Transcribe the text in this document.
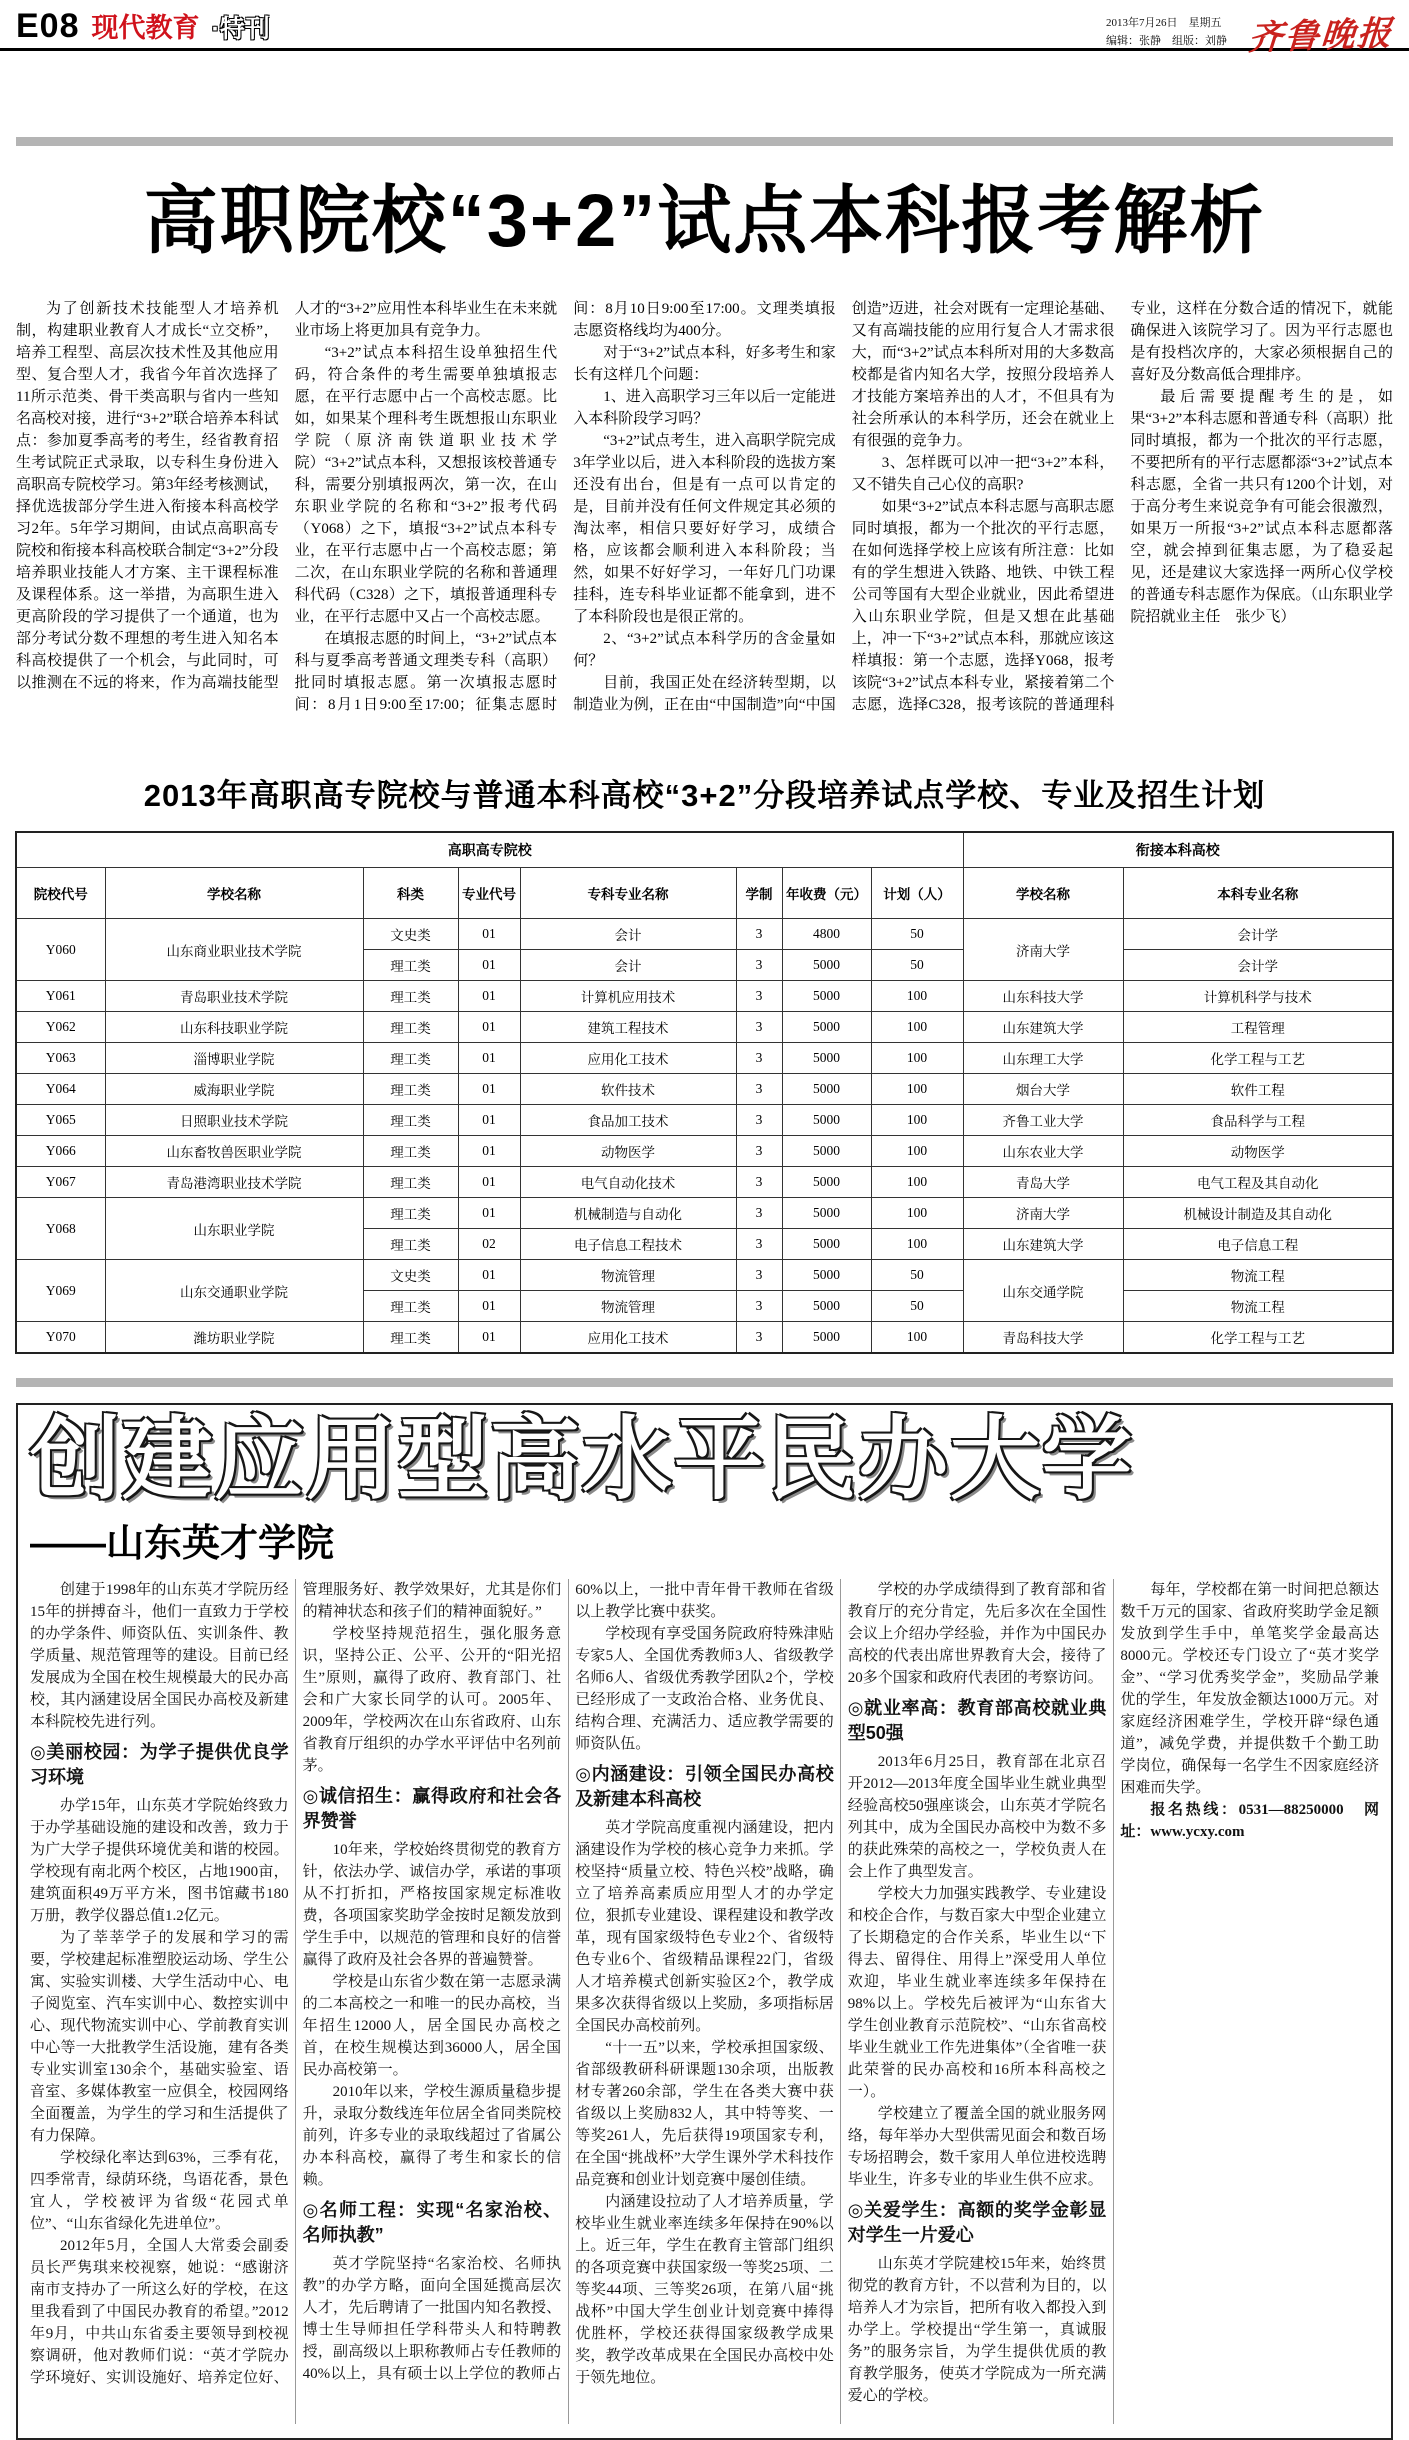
E08 现代教育 ·特刊	2013年7月26日　星期五
编辑：张静　组版：刘静 齐鲁晚报
高职院校“3+2”试点本科报考解析

为了创新技术技能型人才培养机制，构建职业教育人才成长“立交桥”，培养工程型、高层次技术性及其他应用型、复合型人才，我省今年首次选择了11所示范类、骨干类高职与省内一些知名高校对接，进行“3+2”联合培养本科试点：参加夏季高考的考生，经省教育招生考试院正式录取，以专科生身份进入高职高专院校学习。第3年经考核测试，择优选拔部分学生进入衔接本科高校学习2年。5年学习期间，由试点高职高专院校和衔接本科高校联合制定“3+2”分段培养职业技能人才方案、主干课程标准及课程体系。这一举措，为高职生进入更高阶段的学习提供了一个通道，也为部分考试分数不理想的考生进入知名本科高校提供了一个机会，与此同时，可以推测在不远的将来，作为高端技能型人才的“3+2”应用性本科毕业生在未来就业市场上将更加具有竞争力。

“3+2”试点本科招生设单独招生代码，符合条件的考生需要单独填报志愿，在平行志愿中占一个高校志愿。比如，如果某个理科考生既想报山东职业学院（原济南铁道职业技术学院）“3+2”试点本科，又想报该校普通专科，需要分别填报两次，第一次，在山东职业学院的名称和“3+2”报考代码（Y068）之下，填报“3+2”试点本科专业，在平行志愿中占一个高校志愿；第二次，在山东职业学院的名称和普通理科代码（C328）之下，填报普通理科专业，在平行志愿中又占一个高校志愿。

在填报志愿的时间上，“3+2”试点本科与夏季高考普通文理类专科（高职）批同时填报志愿。第一次填报志愿时间：8月1日9:00至17:00；征集志愿时间：8月10日9:00至17:00。文理类填报志愿资格线均为400分。

对于“3+2”试点本科，好多考生和家长有这样几个问题：

1、进入高职学习三年以后一定能进入本科阶段学习吗？

“3+2”试点考生，进入高职学院完成3年学业以后，进入本科阶段的选拔方案还没有出台，但是有一点可以肯定的是，目前并没有任何文件规定其必须的淘汰率，相信只要好好学习，成绩合格，应该都会顺利进入本科阶段；当然，如果不好好学习，一年好几门功课挂科，连专科毕业证都不能拿到，进不了本科阶段也是很正常的。

2、“3+2”试点本科学历的含金量如何？

目前，我国正处在经济转型期，以制造业为例，正在由“中国制造”向“中国创造”迈进，社会对既有一定理论基础、又有高端技能的应用行复合人才需求很大，而“3+2”试点本科所对用的大多数高校都是省内知名大学，按照分段培养人才技能方案培养出的人才，不但具有为社会所承认的本科学历，还会在就业上有很强的竞争力。

3、怎样既可以冲一把“3+2”本科，又不错失自己心仪的高职?

如果“3+2”试点本科志愿与高职志愿同时填报，都为一个批次的平行志愿，在如何选择学校上应该有所注意：比如有的学生想进入铁路、地铁、中铁工程公司等国有大型企业就业，因此希望进入山东职业学院，但是又想在此基础上，冲一下“3+2”试点本科，那就应该这样填报：第一个志愿，选择Y068，报考该院“3+2”试点本科专业，紧接着第二个志愿，选择C328，报考该院的普通理科专业，这样在分数合适的情况下，就能确保进入该院学习了。因为平行志愿也是有投档次序的，大家必须根据自己的喜好及分数高低合理排序。

最后需要提醒考生的是，如果“3+2”本科志愿和普通专科（高职）批同时填报，都为一个批次的平行志愿，不要把所有的平行志愿都添“3+2”试点本科志愿，全省一共只有1200个计划，对于高分考生来说竞争有可能会很激烈，如果万一所报“3+2”试点本科志愿都落空，就会掉到征集志愿，为了稳妥起见，还是建议大家选择一两所心仪学校的普通专科志愿作为保底。（山东职业学院招就业主任　张少飞）

2013年高职高专院校与普通本科高校“3+2”分段培养试点学校、专业及招生计划
高职高专院校								衔接本科高校	
院校代号	学校名称	科类	专业代号	专科专业名称	学制	年收费（元）	计划（人）	学校名称	本科专业名称
Y060	山东商业职业技术学院	文史类	01	会计	3	4800	50	济南大学	会计学
		理工类	01	会计	3	5000	50		会计学
Y061	青岛职业技术学院	理工类	01	计算机应用技术	3	5000	100	山东科技大学	计算机科学与技术
Y062	山东科技职业学院	理工类	01	建筑工程技术	3	5000	100	山东建筑大学	工程管理
Y063	淄博职业学院	理工类	01	应用化工技术	3	5000	100	山东理工大学	化学工程与工艺
Y064	威海职业学院	理工类	01	软件技术	3	5000	100	烟台大学	软件工程
Y065	日照职业技术学院	理工类	01	食品加工技术	3	5000	100	齐鲁工业大学	食品科学与工程
Y066	山东畜牧兽医职业学院	理工类	01	动物医学	3	5000	100	山东农业大学	动物医学
Y067	青岛港湾职业技术学院	理工类	01	电气自动化技术	3	5000	100	青岛大学	电气工程及其自动化
Y068	山东职业学院	理工类	01	机械制造与自动化	3	5000	100	济南大学	机械设计制造及其自动化
		理工类	02	电子信息工程技术	3	5000	100	山东建筑大学	电子信息工程
Y069	山东交通职业学院	文史类	01	物流管理	3	5000	50	山东交通学院	物流工程
		理工类	01	物流管理	3	5000	50		物流工程
Y070	潍坊职业学院	理工类	01	应用化工技术	3	5000	100	青岛科技大学	化学工程与工艺
创建应用型高水平民办大学
——山东英才学院

创建于1998年的山东英才学院历经15年的拼搏奋斗，他们一直致力于学校的办学条件、师资队伍、实训条件、教学质量、规范管理等的建设。目前已经发展成为全国在校生规模最大的民办高校，其内涵建设居全国民办高校及新建本科院校先进行列。

◎美丽校园：为学子提供优良学习环境

办学15年，山东英才学院始终致力于办学基础设施的建设和改善，致力于为广大学子提供环境优美和谐的校园。学校现有南北两个校区，占地1900亩，建筑面积49万平方米，图书馆藏书180万册，教学仪器总值1.2亿元。

为了莘莘学子的发展和学习的需要，学校建起标准塑胶运动场、学生公寓、实验实训楼、大学生活动中心、电子阅览室、汽车实训中心、数控实训中心、现代物流实训中心、学前教育实训中心等一大批教学生活设施，建有各类专业实训室130余个，基础实验室、语音室、多媒体教室一应俱全，校园网络全面覆盖，为学生的学习和生活提供了有力保障。

学校绿化率达到63%，三季有花，四季常青，绿荫环绕，鸟语花香，景色宜人，学校被评为省级“花园式单位”、“山东省绿化先进单位”。

2012年5月，全国人大常委会副委员长严隽琪来校视察，她说：“感谢济南市支持办了一所这么好的学校，在这里我看到了中国民办教育的希望。”2012年9月，中共山东省委主要领导到校视察调研，他对教师们说：“英才学院办学环境好、实训设施好、培养定位好、管理服务好、教学效果好，尤其是你们的精神状态和孩子们的精神面貌好。”

学校坚持规范招生，强化服务意识，坚持公正、公平、公开的“阳光招生”原则，赢得了政府、教育部门、社会和广大家长同学的认可。2005年、2009年，学校两次在山东省政府、山东省教育厅组织的办学水平评估中名列前茅。

◎诚信招生：赢得政府和社会各界赞誉

10年来，学校始终贯彻党的教育方针，依法办学、诚信办学，承诺的事项从不打折扣，严格按国家规定标准收费，各项国家奖助学金按时足额发放到学生手中，以规范的管理和良好的信誉赢得了政府及社会各界的普遍赞誉。

学校是山东省少数在第一志愿录满的二本高校之一和唯一的民办高校，当年招生12000人，居全国民办高校之首，在校生规模达到36000人，居全国民办高校第一。

2010年以来，学校生源质量稳步提升，录取分数线连年位居全省同类院校前列，许多专业的录取线超过了省属公办本科高校，赢得了考生和家长的信赖。

◎名师工程：实现“名家治校、名师执教”

英才学院坚持“名家治校、名师执教”的办学方略，面向全国延揽高层次人才，先后聘请了一批国内知名教授、博士生导师担任学科带头人和特聘教授，副高级以上职称教师占专任教师的40%以上，具有硕士以上学位的教师占60%以上，一批中青年骨干教师在省级以上教学比赛中获奖。

学校现有享受国务院政府特殊津贴专家5人、全国优秀教师3人、省级教学名师6人、省级优秀教学团队2个，学校已经形成了一支政治合格、业务优良、结构合理、充满活力、适应教学需要的师资队伍。

◎内涵建设：引领全国民办高校及新建本科高校

英才学院高度重视内涵建设，把内涵建设作为学校的核心竞争力来抓。学校坚持“质量立校、特色兴校”战略，确立了培养高素质应用型人才的办学定位，狠抓专业建设、课程建设和教学改革，现有国家级特色专业2个、省级特色专业6个、省级精品课程22门，省级人才培养模式创新实验区2个，教学成果多次获得省级以上奖励，多项指标居全国民办高校前列。

“十一五”以来，学校承担国家级、省部级教研科研课题130余项，出版教材专著260余部，学生在各类大赛中获省级以上奖励832人，其中特等奖、一等奖261人，先后获得19项国家专利，在全国“挑战杯”大学生课外学术科技作品竞赛和创业计划竞赛中屡创佳绩。

内涵建设拉动了人才培养质量，学校毕业生就业率连续多年保持在90%以上。近三年，学生在教育主管部门组织的各项竞赛中获国家级一等奖25项、二等奖44项、三等奖26项，在第八届“挑战杯”中国大学生创业计划竞赛中捧得优胜杯，学校还获得国家级教学成果奖，教学改革成果在全国民办高校中处于领先地位。

学校的办学成绩得到了教育部和省教育厅的充分肯定，先后多次在全国性会议上介绍办学经验，并作为中国民办高校的代表出席世界教育大会，接待了20多个国家和政府代表团的考察访问。

◎就业率高：教育部高校就业典型50强

2013年6月25日，教育部在北京召开2012—2013年度全国毕业生就业典型经验高校50强座谈会，山东英才学院名列其中，成为全国民办高校中为数不多的获此殊荣的高校之一，学校负责人在会上作了典型发言。

学校大力加强实践教学、专业建设和校企合作，与数百家大中型企业建立了长期稳定的合作关系，毕业生以“下得去、留得住、用得上”深受用人单位欢迎，毕业生就业率连续多年保持在98%以上。学校先后被评为“山东省大学生创业教育示范院校”、“山东省高校毕业生就业工作先进集体”（全省唯一获此荣誉的民办高校和16所本科高校之一）。

学校建立了覆盖全国的就业服务网络，每年举办大型供需见面会和数百场专场招聘会，数千家用人单位进校选聘毕业生，许多专业的毕业生供不应求。

◎关爱学生：高额的奖学金彰显对学生一片爱心

山东英才学院建校15年来，始终贯彻党的教育方针，不以营利为目的，以培养人才为宗旨，把所有收入都投入到办学上。学校提出“学生第一，真诚服务”的服务宗旨，为学生提供优质的教育教学服务，使英才学院成为一所充满爱心的学校。

每年，学校都在第一时间把总额达数千万元的国家、省政府奖助学金足额发放到学生手中，单笔奖学金最高达8000元。学校还专门设立了“英才奖学金”、“学习优秀奖学金”，奖励品学兼优的学生，年发放金额达1000万元。对家庭经济困难学生，学校开辟“绿色通道”，减免学费，并提供数千个勤工助学岗位，确保每一名学生不因家庭经济困难而失学。

报名热线：0531—88250000　网址：www.ycxy.com
